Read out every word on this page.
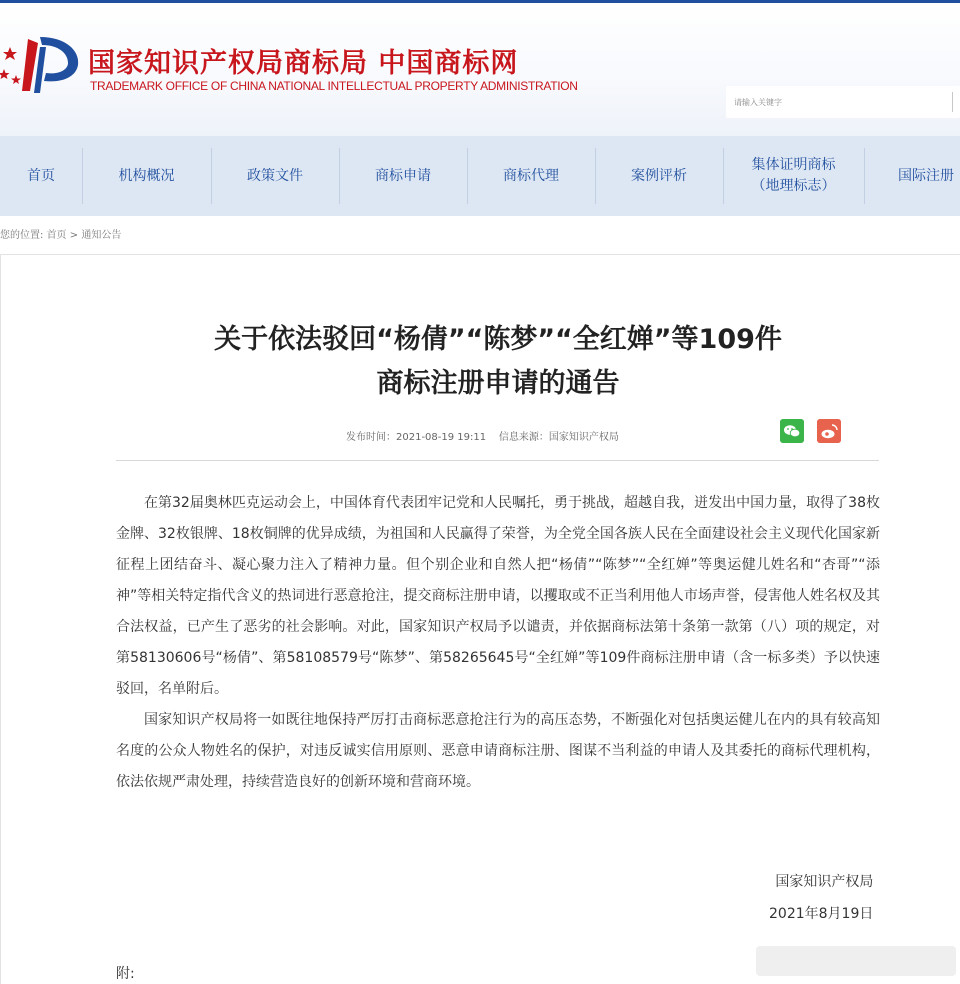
国家知识产权局商标局 中国商标网
TRADEMARK OFFICE OF CHINA NATIONAL INTELLECTUAL PROPERTY ADMINISTRATION
请输入关键字
首页	机构概况	政策文件	商标申请	商标代理	案例评析
集体证明商标
（地理标志）
国际注册
您的位置: 首页 > 通知公告
关于依法驳回“杨倩”“陈梦”“全红婵”等109件
商标注册申请的通告
发布时间：2021-08-19 19:11    信息来源：国家知识产权局

在第32届奥林匹克运动会上，中国体育代表团牢记党和人民嘱托，勇于挑战，超越自我，迸发出中国力量，取得了38枚金牌、32枚银牌、18枚铜牌的优异成绩，为祖国和人民赢得了荣誉，为全党全国各族人民在全面建设社会主义现代化国家新征程上团结奋斗、凝心聚力注入了精神力量。但个别企业和自然人把“杨倩”“陈梦”“全红婵”等奥运健儿姓名和“杏哥”“添神”等相关特定指代含义的热词进行恶意抢注，提交商标注册申请，以攫取或不正当利用他人市场声誉，侵害他人姓名权及其合法权益，已产生了恶劣的社会影响。对此，国家知识产权局予以谴责，并依据商标法第十条第一款第（八）项的规定，对第58130606号“杨倩”、第58108579号“陈梦”、第58265645号“全红婵”等109件商标注册申请（含一标多类）予以快速驳回，名单附后。

国家知识产权局将一如既往地保持严厉打击商标恶意抢注行为的高压态势，不断强化对包括奥运健儿在内的具有较高知名度的公众人物姓名的保护，对违反诚实信用原则、恶意申请商标注册、图谋不当利益的申请人及其委托的商标代理机构，依法依规严肃处理，持续营造良好的创新环境和营商环境。

国家知识产权局
2021年8月19日
附:
